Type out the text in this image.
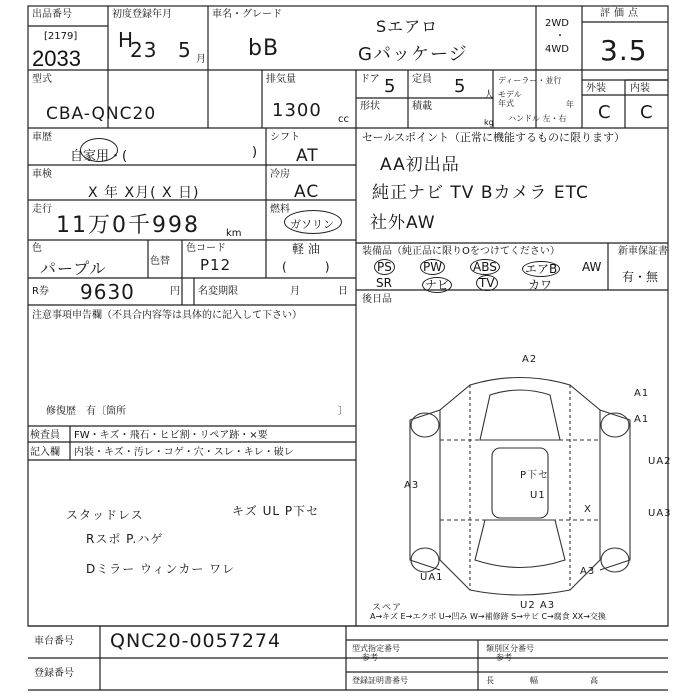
出品番号
[2179]
2033
初度登録年月
H
23 5 月
車名・グレード
bB
Sエアロ
Gパッケージ
2WD
・
4WD
評価点
3.5
型式
CBA-QNC20
排気量
1300 cc
ドア 5 定員 5 人
形状	積載
kg
ディーラー・並行
モデル年式	年
ハンドル 左・右
外装 内装
C C
車歴
自家用・(	)
シフト
AT
車検
X 年 X月( X 日)
冷房
AC
走行
11万0千998	km
燃料
ガソリン
軽 油
(          )
色
パープル	色替
色コード
P12
R券 9630	円 名変期限	月	日
セールスポイント（正常に機能するものに限ります）
AA初出品
純正ナビ TV Bカメラ ETC
社外AW
装備品（純正品に限りOをつけてください）	新車保証書
有・無
PS	PW	ABS エアB AW
SR	ナビ TV	カワ
後日品
注意事項申告欄（不具合内容等は具体的に記入して下さい）
修復歴　有〔箇所	〕
検査員 FW・キズ・飛石・ヒビ割・リペア跡・×要
記入欄 内装・キズ・汚レ・コゲ・穴・スレ・キレ・破レ
スタッドレス	キズ UL P下セ
Rスポ P.ハゲ
Dミラー ウィンカー ワレ
A2
A1
A1
UA2
A3
UA3
X
P下セ
U1
UA1
スペア	U2 A3
A3
A→キズ E→エクボ U→凹み W→補修跡 S→サビ C→腐食 XX→交換
車台番号 QNC20-0057274
登録番号
型式指定番号
参考
類別区分番号
参考
登録証明書番号	長	幅	高
